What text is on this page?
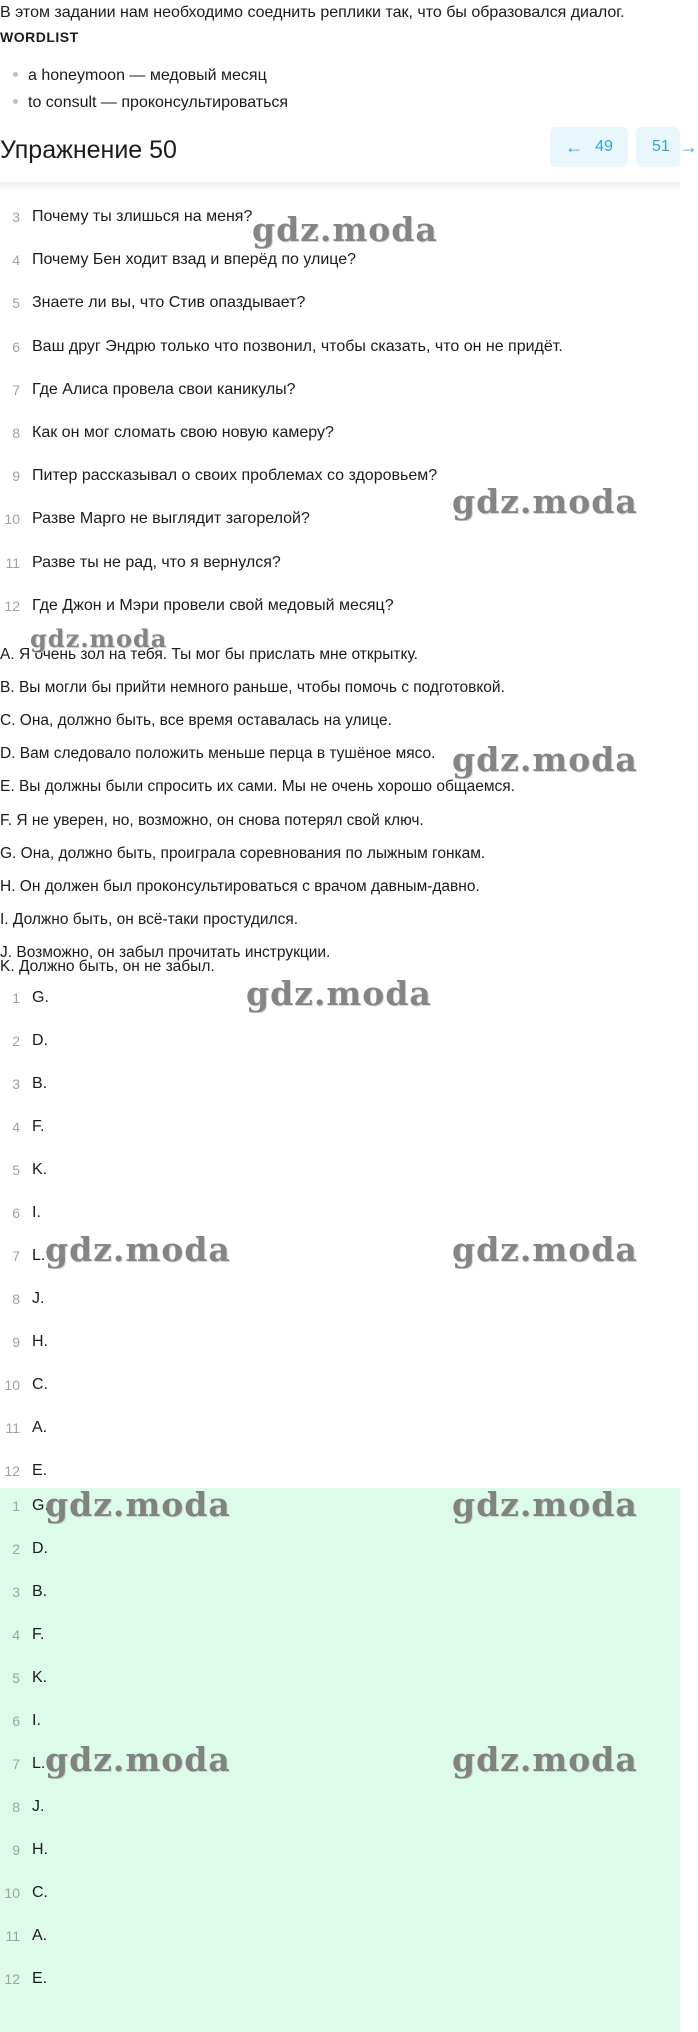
В этом задании нам необходимо соеднить реплики так, что бы образовался диалог.
WORDLIST
a honeymoon — медовый месяц
to consult — проконсультироваться
Упражнение 50	← 49 51 →
3 Почему ты злишься на меня?
4 Почему Бен ходит взад и вперёд по улице?
5 Знаете ли вы, что Стив опаздывает?
6 Ваш друг Эндрю только что позвонил, чтобы сказать, что он не придёт.
7 Где Алиса провела свои каникулы?
8 Как он мог сломать свою новую камеру?
9 Питер рассказывал о своих проблемах со здоровьем?
10 Разве Марго не выглядит загорелой?
11 Разве ты не рад, что я вернулся?
12 Где Джон и Мэри провели свой медовый месяц?
A. Я очень зол на тебя. Ты мог бы прислать мне открытку.
B. Вы могли бы прийти немного раньше, чтобы помочь с подготовкой.
C. Она, должно быть, все время оставалась на улице.
D. Вам следовало положить меньше перца в тушёное мясо.
E. Вы должны были спросить их сами. Мы не очень хорошо общаемся.
F. Я не уверен, но, возможно, он снова потерял свой ключ.
G. Она, должно быть, проиграла соревнования по лыжным гонкам.
H. Он должен был проконсультироваться с врачом давным-давно.
I. Должно быть, он всё-таки простудился.
J. Возможно, он забыл прочитать инструкции.
K. Должно быть, он не забыл.
1 G.
2 D.
3 B.
4 F.
5 K.
6 I.
7 L.
8 J.
9 H.
10 C.
11 A.
12 E.
1 G.
2 D.
3 B.
4 F.
5 K.
6 I.
7 L.
8 J.
9 H.
10 C.
11 A.
12 E.
gdz.moda
gdz.moda
gdz.moda
gdz.moda
gdz.moda
gdz.moda	gdz.moda
gdz.moda	gdz.moda
gdz.moda	gdz.moda
